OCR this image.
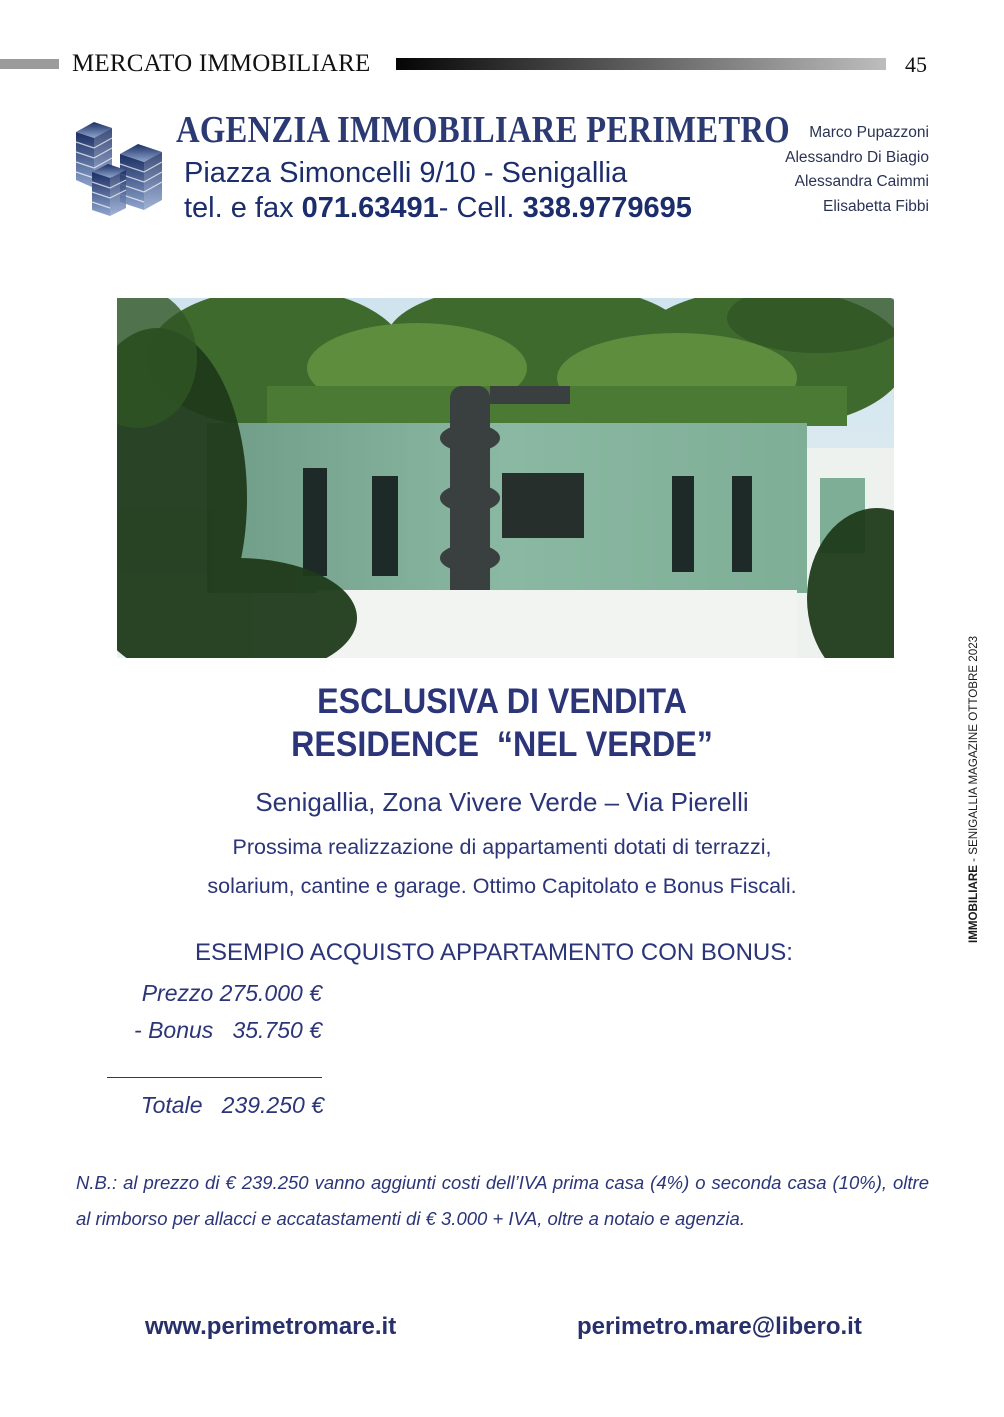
MERCATO IMMOBILIARE	45
AGENZIA IMMOBILIARE PERIMETRO
Piazza Simoncelli 9/10 - Senigallia
tel. e fax 071.63491- Cell. 338.9779695
Marco Pupazzoni
Alessandro Di Biagio
Alessandra Caimmi
Elisabetta Fibbi
ESCLUSIVA DI VENDITA
RESIDENCE  “NEL VERDE”
Senigallia, Zona Vivere Verde – Via Pierelli
Prossima realizzazione di appartamenti dotati di terrazzi,
solarium, cantine e garage. Ottimo Capitolato e Bonus Fiscali.
ESEMPIO ACQUISTO APPARTAMENTO CON BONUS:
Prezzo 275.000 €
- Bonus 35.750 €
Totale 239.250 €
N.B.: al prezzo di € 239.250 vanno aggiunti costi dell’IVA prima casa (4%) o seconda casa (10%), oltre al rimborso per allacci e accatastamenti di € 3.000 + IVA, oltre a notaio e agenzia.
www.perimetromare.it	perimetro.mare@libero.it
IMMOBILIARE - SENIGALLIA MAGAZINE OTTOBRE 2023
